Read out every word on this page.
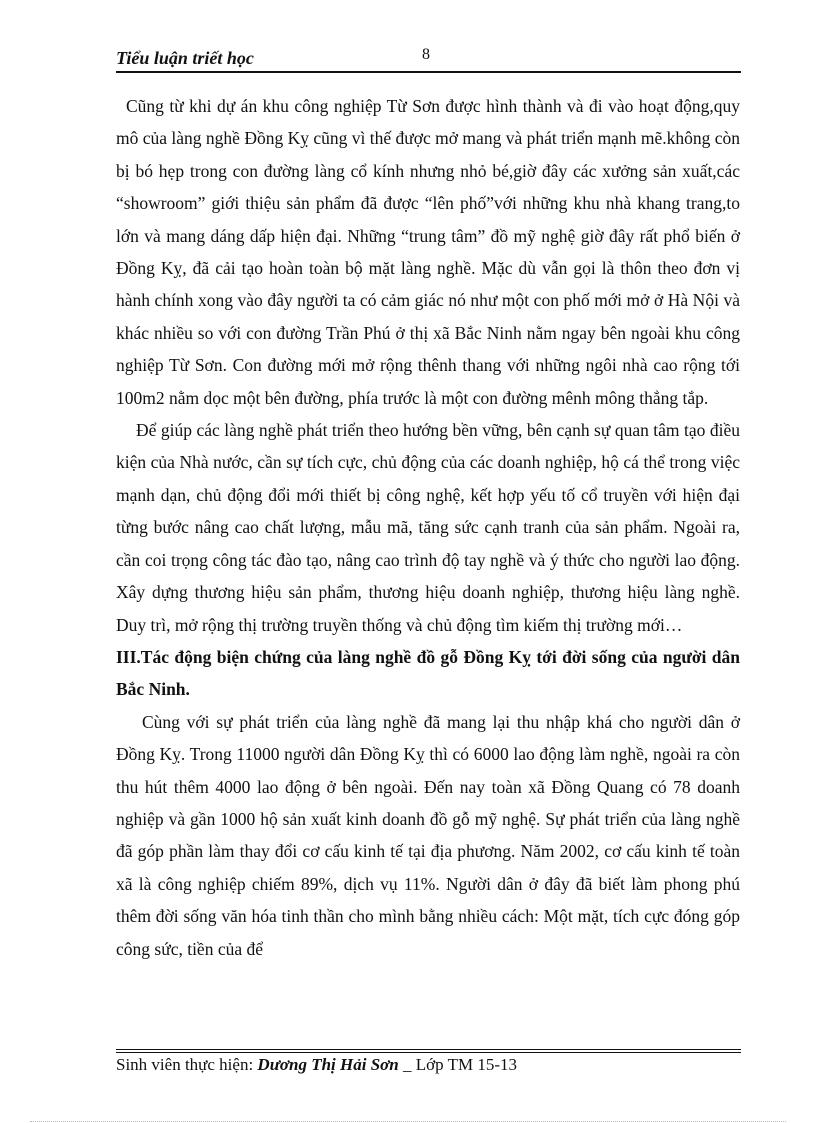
Tiểu luận triết học	8

Cũng từ khi dự án khu công nghiệp Từ Sơn được hình thành và đi vào hoạt động,quy mô của làng nghề Đồng Kỵ cũng vì thế được mở mang và phát triển mạnh mẽ.không còn bị bó hẹp trong con đường làng cổ kính nhưng nhỏ bé,giờ đây các xưởng sản xuất,các “showroom” giới thiệu sản phẩm đã được “lên phố”với những khu nhà khang trang,to lớn và mang dáng dấp hiện đại. Những “trung tâm” đồ mỹ nghệ giờ đây rất phổ biến ở Đồng Kỵ, đã cải tạo hoàn toàn bộ mặt làng nghề. Mặc dù vẫn gọi là thôn theo đơn vị hành chính xong vào đây người ta có cảm giác nó như một con phố mới mở ở Hà Nội và khác nhiều so với con đường Trần Phú ở thị xã Bắc Ninh nằm ngay bên ngoài khu công nghiệp Từ Sơn. Con đường mới mở rộng thênh thang với những ngôi nhà cao rộng tới 100m2 nằm dọc một bên đường, phía trước là một con đường mênh mông thẳng tắp.

Để giúp các làng nghề phát triển theo hướng bền vững, bên cạnh sự quan tâm tạo điều kiện của Nhà nước, cần sự tích cực, chủ động của các doanh nghiệp, hộ cá thể trong việc mạnh dạn, chủ động đổi mới thiết bị công nghệ, kết hợp yếu tố cổ truyền với hiện đại từng bước nâng cao chất lượng, mẫu mã, tăng sức cạnh tranh của sản phẩm. Ngoài ra, cần coi trọng công tác đào tạo, nâng cao trình độ tay nghề và ý thức cho người lao động. Xây dựng thương hiệu sản phẩm, thương hiệu doanh nghiệp, thương hiệu làng nghề. Duy trì, mở rộng thị trường truyền thống và chủ động tìm kiếm thị trường mới…

III.Tác động biện chứng của làng nghề đồ gỗ Đồng Kỵ tới đời sống của người dân Bắc Ninh.

Cùng với sự phát triển của làng nghề đã mang lại thu nhập khá cho người dân ở Đồng Kỵ. Trong 11000 người dân Đồng Kỵ thì có 6000 lao động làm nghề, ngoài ra còn thu hút thêm 4000 lao động ở bên ngoài. Đến nay toàn xã Đồng Quang có 78 doanh nghiệp và gần 1000 hộ sản xuất kinh doanh đồ gỗ mỹ nghệ. Sự phát triển của làng nghề đã góp phần làm thay đổi cơ cấu kinh tế tại địa phương. Năm 2002, cơ cấu kinh tế toàn xã là công nghiệp chiếm 89%, dịch vụ 11%. Người dân ở đây đã biết làm phong phú thêm đời sống văn hóa tinh thần cho mình bằng nhiều cách: Một mặt, tích cực đóng góp công sức, tiền của để

Sinh viên thực hiện: Dương Thị Hải Sơn _ Lớp TM 15-13
